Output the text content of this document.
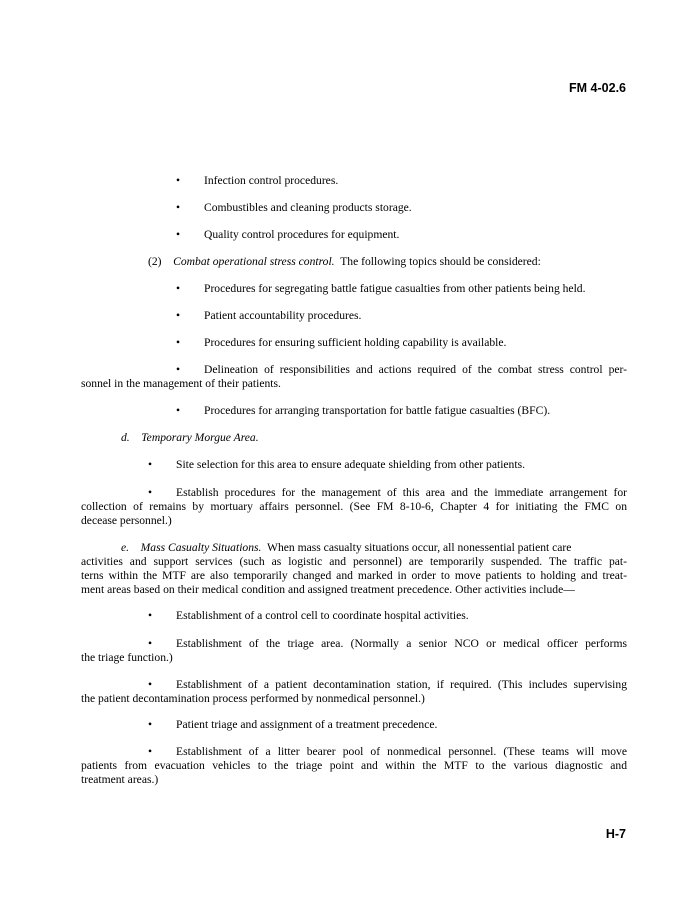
FM 4-02.6
• Infection control procedures.
• Combustibles and cleaning products storage.
• Quality control procedures for equipment.
(2) Combat operational stress control. The following topics should be considered:
• Procedures for segregating battle fatigue casualties from other patients being held.
• Patient accountability procedures.
• Procedures for ensuring sufficient holding capability is available.
• Delineation of responsibilities and actions required of the combat stress control per-
sonnel in the management of their patients.
• Procedures for arranging transportation for battle fatigue casualties (BFC).
d. Temporary Morgue Area.
• Site selection for this area to ensure adequate shielding from other patients.
• Establish procedures for the management of this area and the immediate arrangement for
collection of remains by mortuary affairs personnel. (See FM 8-10-6, Chapter 4 for initiating the FMC on
decease personnel.)
e. Mass Casualty Situations. When mass casualty situations occur, all nonessential patient care
activities and support services (such as logistic and personnel) are temporarily suspended. The traffic pat-
terns within the MTF are also temporarily changed and marked in order to move patients to holding and treat-
ment areas based on their medical condition and assigned treatment precedence. Other activities include—
• Establishment of a control cell to coordinate hospital activities.
• Establishment of the triage area. (Normally a senior NCO or medical officer performs
the triage function.)
• Establishment of a patient decontamination station, if required. (This includes supervising
the patient decontamination process performed by nonmedical personnel.)
• Patient triage and assignment of a treatment precedence.
• Establishment of a litter bearer pool of nonmedical personnel. (These teams will move
patients from evacuation vehicles to the triage point and within the MTF to the various diagnostic and
treatment areas.)
H-7
